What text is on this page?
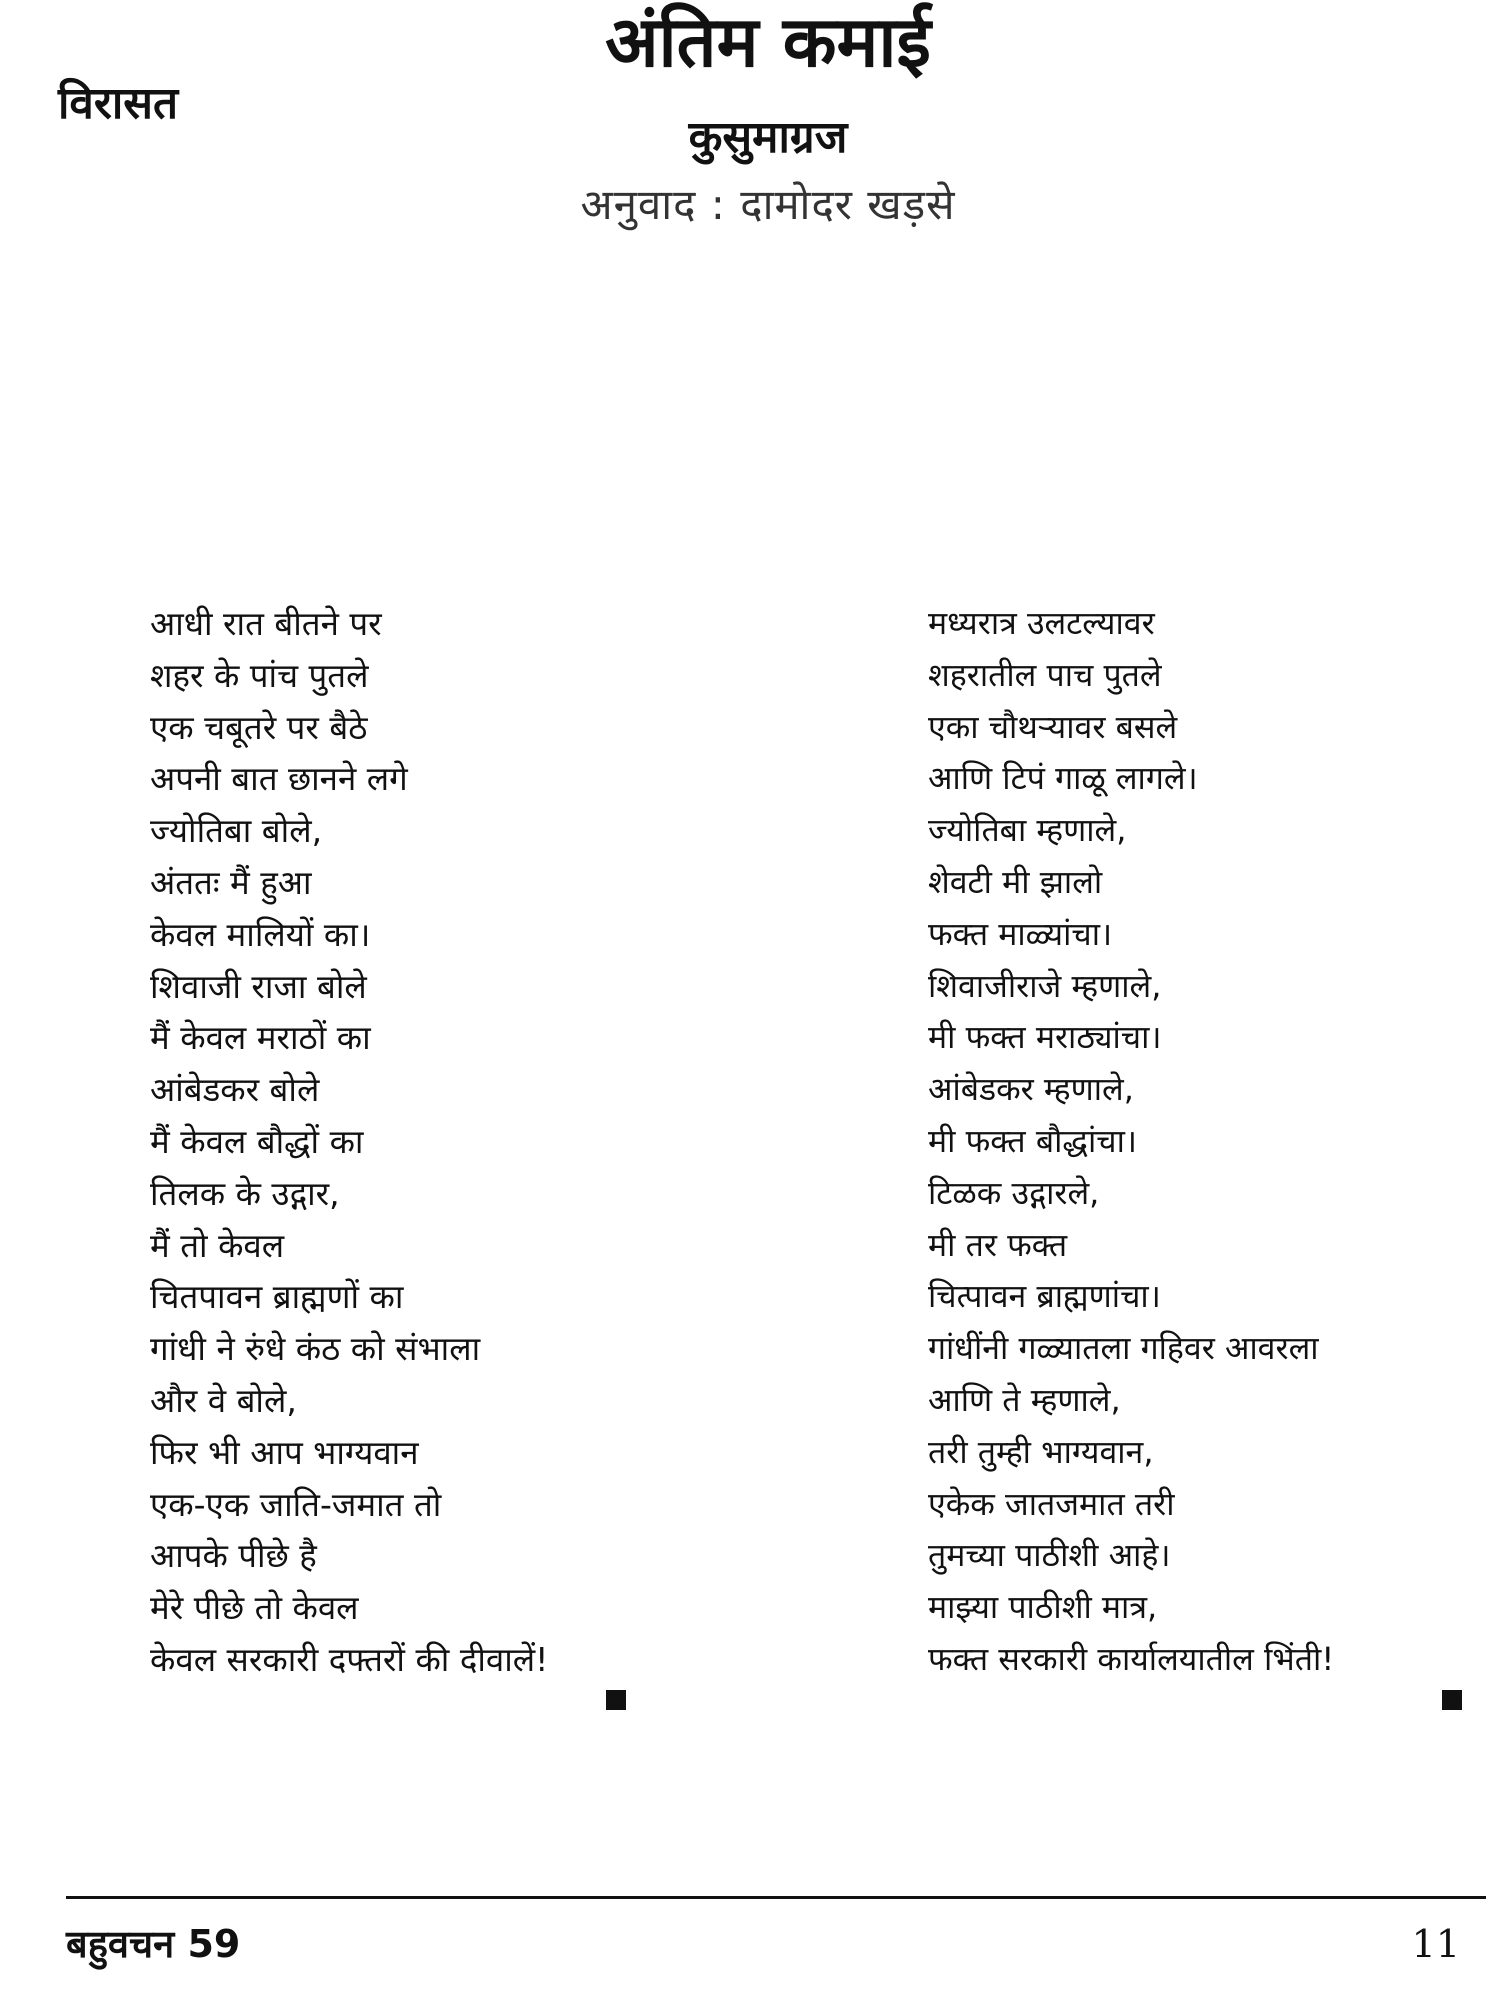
विरासत
अंतिम कमाई
कुसुमाग्रज
अनुवाद : दामोदर खड़से
आधी रात बीतने पर
शहर के पांच पुतले
एक चबूतरे पर बैठे
अपनी बात छानने लगे
ज्योतिबा बोले,
अंततः मैं हुआ
केवल मालियों का।
शिवाजी राजा बोले
मैं केवल मराठों का
आंबेडकर बोले
मैं केवल बौद्धों का
तिलक के उद्गार,
मैं तो केवल
चितपावन ब्राह्मणों का
गांधी ने रुंधे कंठ को संभाला
और वे बोले,
फिर भी आप भाग्यवान
एक-एक जाति-जमात तो
आपके पीछे है
मेरे पीछे तो केवल
केवल सरकारी दफ्तरों की दीवालें!
मध्यरात्र उलटल्यावर
शहरातील पाच पुतले
एका चौथऱ्यावर बसले
आणि टिपं गाळू लागले।
ज्योतिबा म्हणाले,
शेवटी मी झालो
फक्त माळ्यांचा।
शिवाजीराजे म्हणाले,
मी फक्त मराठ्यांचा।
आंबेडकर म्हणाले,
मी फक्त बौद्धांचा।
टिळक उद्गारले,
मी तर फक्त
चित्पावन ब्राह्मणांचा।
गांधींनी गळ्यातला गहिवर आवरला
आणि ते म्हणाले,
तरी तुम्ही भाग्यवान,
एकेक जातजमात तरी
तुमच्या पाठीशी आहे।
माझ्या पाठीशी मात्र,
फक्त सरकारी कार्यालयातील भिंती!
बहुवचन 59	11
